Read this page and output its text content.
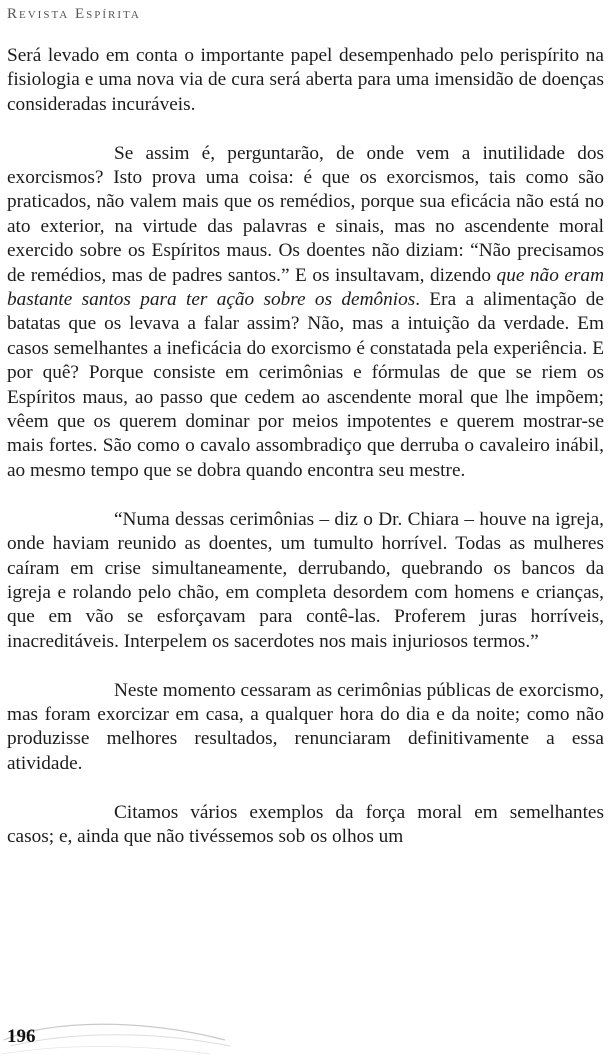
Revista Espírita

Será levado em conta o importante papel desempenhado pelo perispírito na fisiologia e uma nova via de cura será aberta para uma imensidão de doenças consideradas incuráveis.

Se assim é, perguntarão, de onde vem a inutilidade dos exorcismos? Isto prova uma coisa: é que os exorcismos, tais como são praticados, não valem mais que os remédios, porque sua eficácia não está no ato exterior, na virtude das palavras e sinais, mas no ascendente moral exercido sobre os Espíritos maus. Os doentes não diziam: “Não precisamos de remédios, mas de padres santos.” E os insultavam, dizendo que não eram bastante santos para ter ação sobre os demônios. Era a alimentação de batatas que os levava a falar assim? Não, mas a intuição da verdade. Em casos semelhantes a ineficácia do exorcismo é constatada pela experiência. E por quê? Porque consiste em cerimônias e fórmulas de que se riem os Espíritos maus, ao passo que cedem ao ascendente moral que lhe impõem; vêem que os querem dominar por meios impotentes e querem mostrar-se mais fortes. São como o cavalo assombradiço que derruba o cavaleiro inábil, ao mesmo tempo que se dobra quando encontra seu mestre.

“Numa dessas cerimônias – diz o Dr. Chiara – houve na igreja, onde haviam reunido as doentes, um tumulto horrível. Todas as mulheres caíram em crise simultaneamente, derrubando, quebrando os bancos da igreja e rolando pelo chão, em completa desordem com homens e crianças, que em vão se esforçavam para contê-las. Proferem juras horríveis, inacreditáveis. Interpelem os sacerdotes nos mais injuriosos termos.”

Neste momento cessaram as cerimônias públicas de exorcismo, mas foram exorcizar em casa, a qualquer hora do dia e da noite; como não produzisse melhores resultados, renunciaram definitivamente a essa atividade.

Citamos vários exemplos da força moral em semelhantes casos; e, ainda que não tivéssemos sob os olhos um

196
